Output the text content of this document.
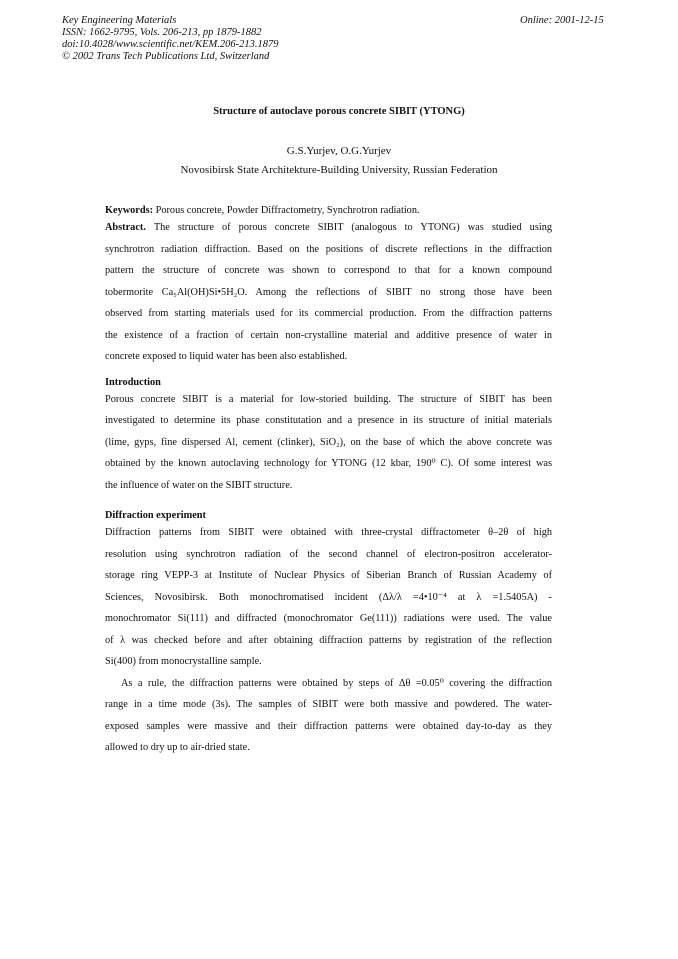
Key Engineering Materials
ISSN: 1662-9795, Vols. 206-213, pp 1879-1882
doi:10.4028/www.scientific.net/KEM.206-213.1879
© 2002 Trans Tech Publications Ltd, Switzerland
Online: 2001-12-15
Structure of autoclave porous concrete SIBIT (YTONG)
G.S.Yurjev, O.G.Yurjev
Novosibirsk State Architekture-Building University, Russian Federation
Keywords: Porous concrete, Powder Diffractometry, Synchrotron radiation.
Abstract. The structure of porous concrete SIBIT (analogous to YTONG) was studied using
synchrotron radiation diffraction. Based on the positions of discrete reflections in the diffraction
pattern the structure of concrete was shown to correspond to that for a known compound
tobermorite Ca₅Al(OH)Si•5H₂O. Among the reflections of SIBIT no strong those have been
observed from starting materials used for its commercial production. From the diffraction patterns
the existence of a fraction of certain non-crystalline material and additive presence of water in
concrete exposed to liquid water has been also established.
Introduction
Porous concrete SIBIT is a material for low-storied building. The structure of SIBIT has been
investigated to determine its phase constitutation and a presence in its structure of initial materials
(lime, gyps, fine dispersed Al, cement (clinker), SiO₂), on the base of which the above concrete was
obtained by the known autoclaving technology for YTONG (12 kbar, 190⁰ C). Of some interest was
the influence of water on the SIBIT structure.
Diffraction experiment
Diffraction patterns from SIBIT were obtained with three-crystal diffractometer θ–2θ of high
resolution using synchrotron radiation of the second channel of electron-positron accelerator-
storage ring VEPP-3 at Institute of Nuclear Physics of Siberian Branch of Russian Academy of
Sciences, Novosibirsk. Both monochromatised incident (Δλ/λ =4•10⁻⁴ at λ =1.5405A) -
monochromator Si(111) and diffracted (monochromator Ge(111)) radiations were used. The value
of λ was checked before and after obtaining diffraction patterns by registration of the reflection
Si(400) from monocrystalline sample.
As a rule, the diffraction patterns were obtained by steps of Δθ =0.05⁰ covering the diffraction
range in a time mode (3s). The samples of SIBIT were both massive and powdered. The water-
exposed samples were massive and their diffraction patterns were obtained day-to-day as they
allowed to dry up to air-dried state.
